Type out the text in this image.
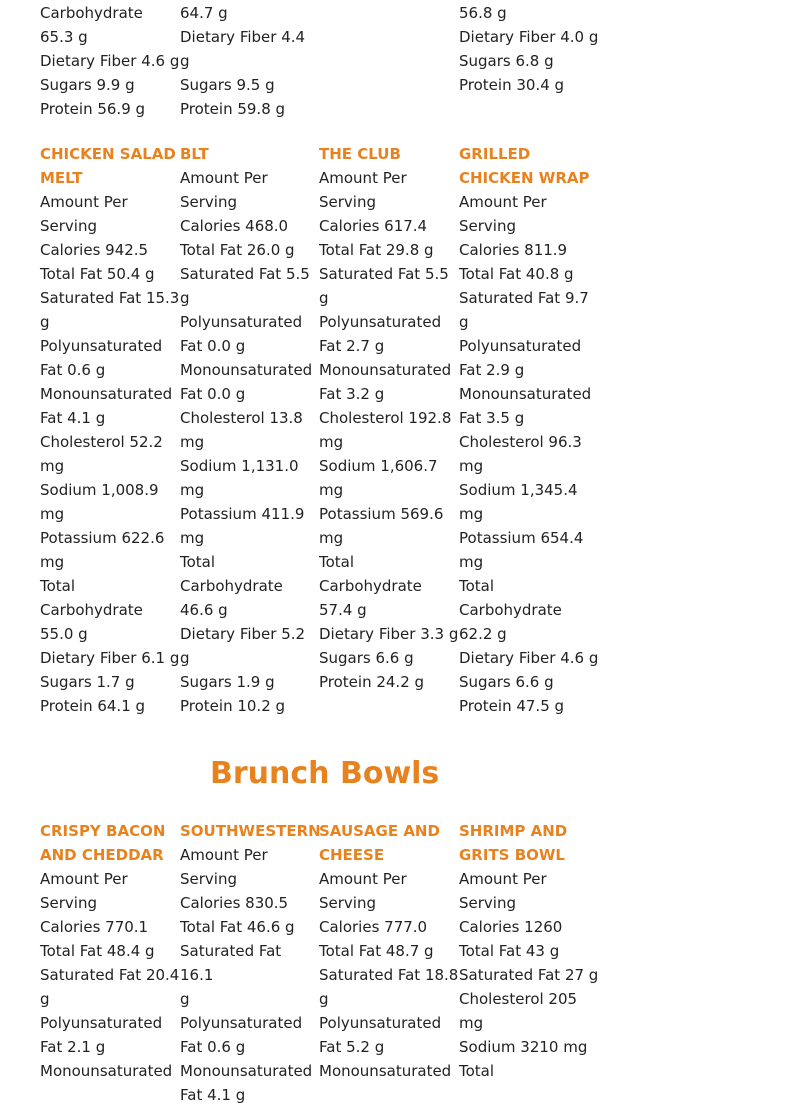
Carbohydrate
65.3 g
Dietary Fiber 4.6 g
Sugars 9.9 g
Protein 56.9 g
64.7 g
Dietary Fiber 4.4 g
Sugars 9.5 g
Protein 59.8 g
56.8 g
Dietary Fiber 4.0 g
Sugars 6.8 g
Protein 30.4 g
CHICKEN SALAD
MELT
Amount Per
Serving
Calories 942.5
Total Fat 50.4 g
Saturated Fat 15.3
g
Polyunsaturated
Fat 0.6 g
Monounsaturated
Fat 4.1 g
Cholesterol 52.2
mg
Sodium 1,008.9
mg
Potassium 622.6
mg
Total
Carbohydrate
55.0 g
Dietary Fiber 6.1 g
Sugars 1.7 g
Protein 64.1 g
BLT
Amount Per
Serving
Calories 468.0
Total Fat 26.0 g
Saturated Fat 5.5
g
Polyunsaturated
Fat 0.0 g
Monounsaturated
Fat 0.0 g
Cholesterol 13.8
mg
Sodium 1,131.0
mg
Potassium 411.9
mg
Total
Carbohydrate
46.6 g
Dietary Fiber 5.2 g
Sugars 1.9 g
Protein 10.2 g
THE CLUB
Amount Per
Serving
Calories 617.4
Total Fat 29.8 g
Saturated Fat 5.5
g
Polyunsaturated
Fat 2.7 g
Monounsaturated
Fat 3.2 g
Cholesterol 192.8
mg
Sodium 1,606.7
mg
Potassium 569.6
mg
Total
Carbohydrate
57.4 g
Dietary Fiber 3.3 g
Sugars 6.6 g
Protein 24.2 g
GRILLED
CHICKEN WRAP
Amount Per
Serving
Calories 811.9
Total Fat 40.8 g
Saturated Fat 9.7
g
Polyunsaturated
Fat 2.9 g
Monounsaturated
Fat 3.5 g
Cholesterol 96.3
mg
Sodium 1,345.4
mg
Potassium 654.4
mg
Total
Carbohydrate
62.2 g
Dietary Fiber 4.6 g
Sugars 6.6 g
Protein 47.5 g
Brunch Bowls
CRISPY BACON
AND CHEDDAR
Amount Per
Serving
Calories 770.1
Total Fat 48.4 g
Saturated Fat 20.4
g
Polyunsaturated
Fat 2.1 g
Monounsaturated
SOUTHWESTERN
Amount Per
Serving
Calories 830.5
Total Fat 46.6 g
Saturated Fat 16.1
g
Polyunsaturated
Fat 0.6 g
Monounsaturated
Fat 4.1 g
SAUSAGE AND
CHEESE
Amount Per
Serving
Calories 777.0
Total Fat 48.7 g
Saturated Fat 18.8
g
Polyunsaturated
Fat 5.2 g
Monounsaturated
SHRIMP AND
GRITS BOWL
Amount Per
Serving
Calories 1260
Total Fat 43 g
Saturated Fat 27 g
Cholesterol 205
mg
Sodium 3210 mg
Total
